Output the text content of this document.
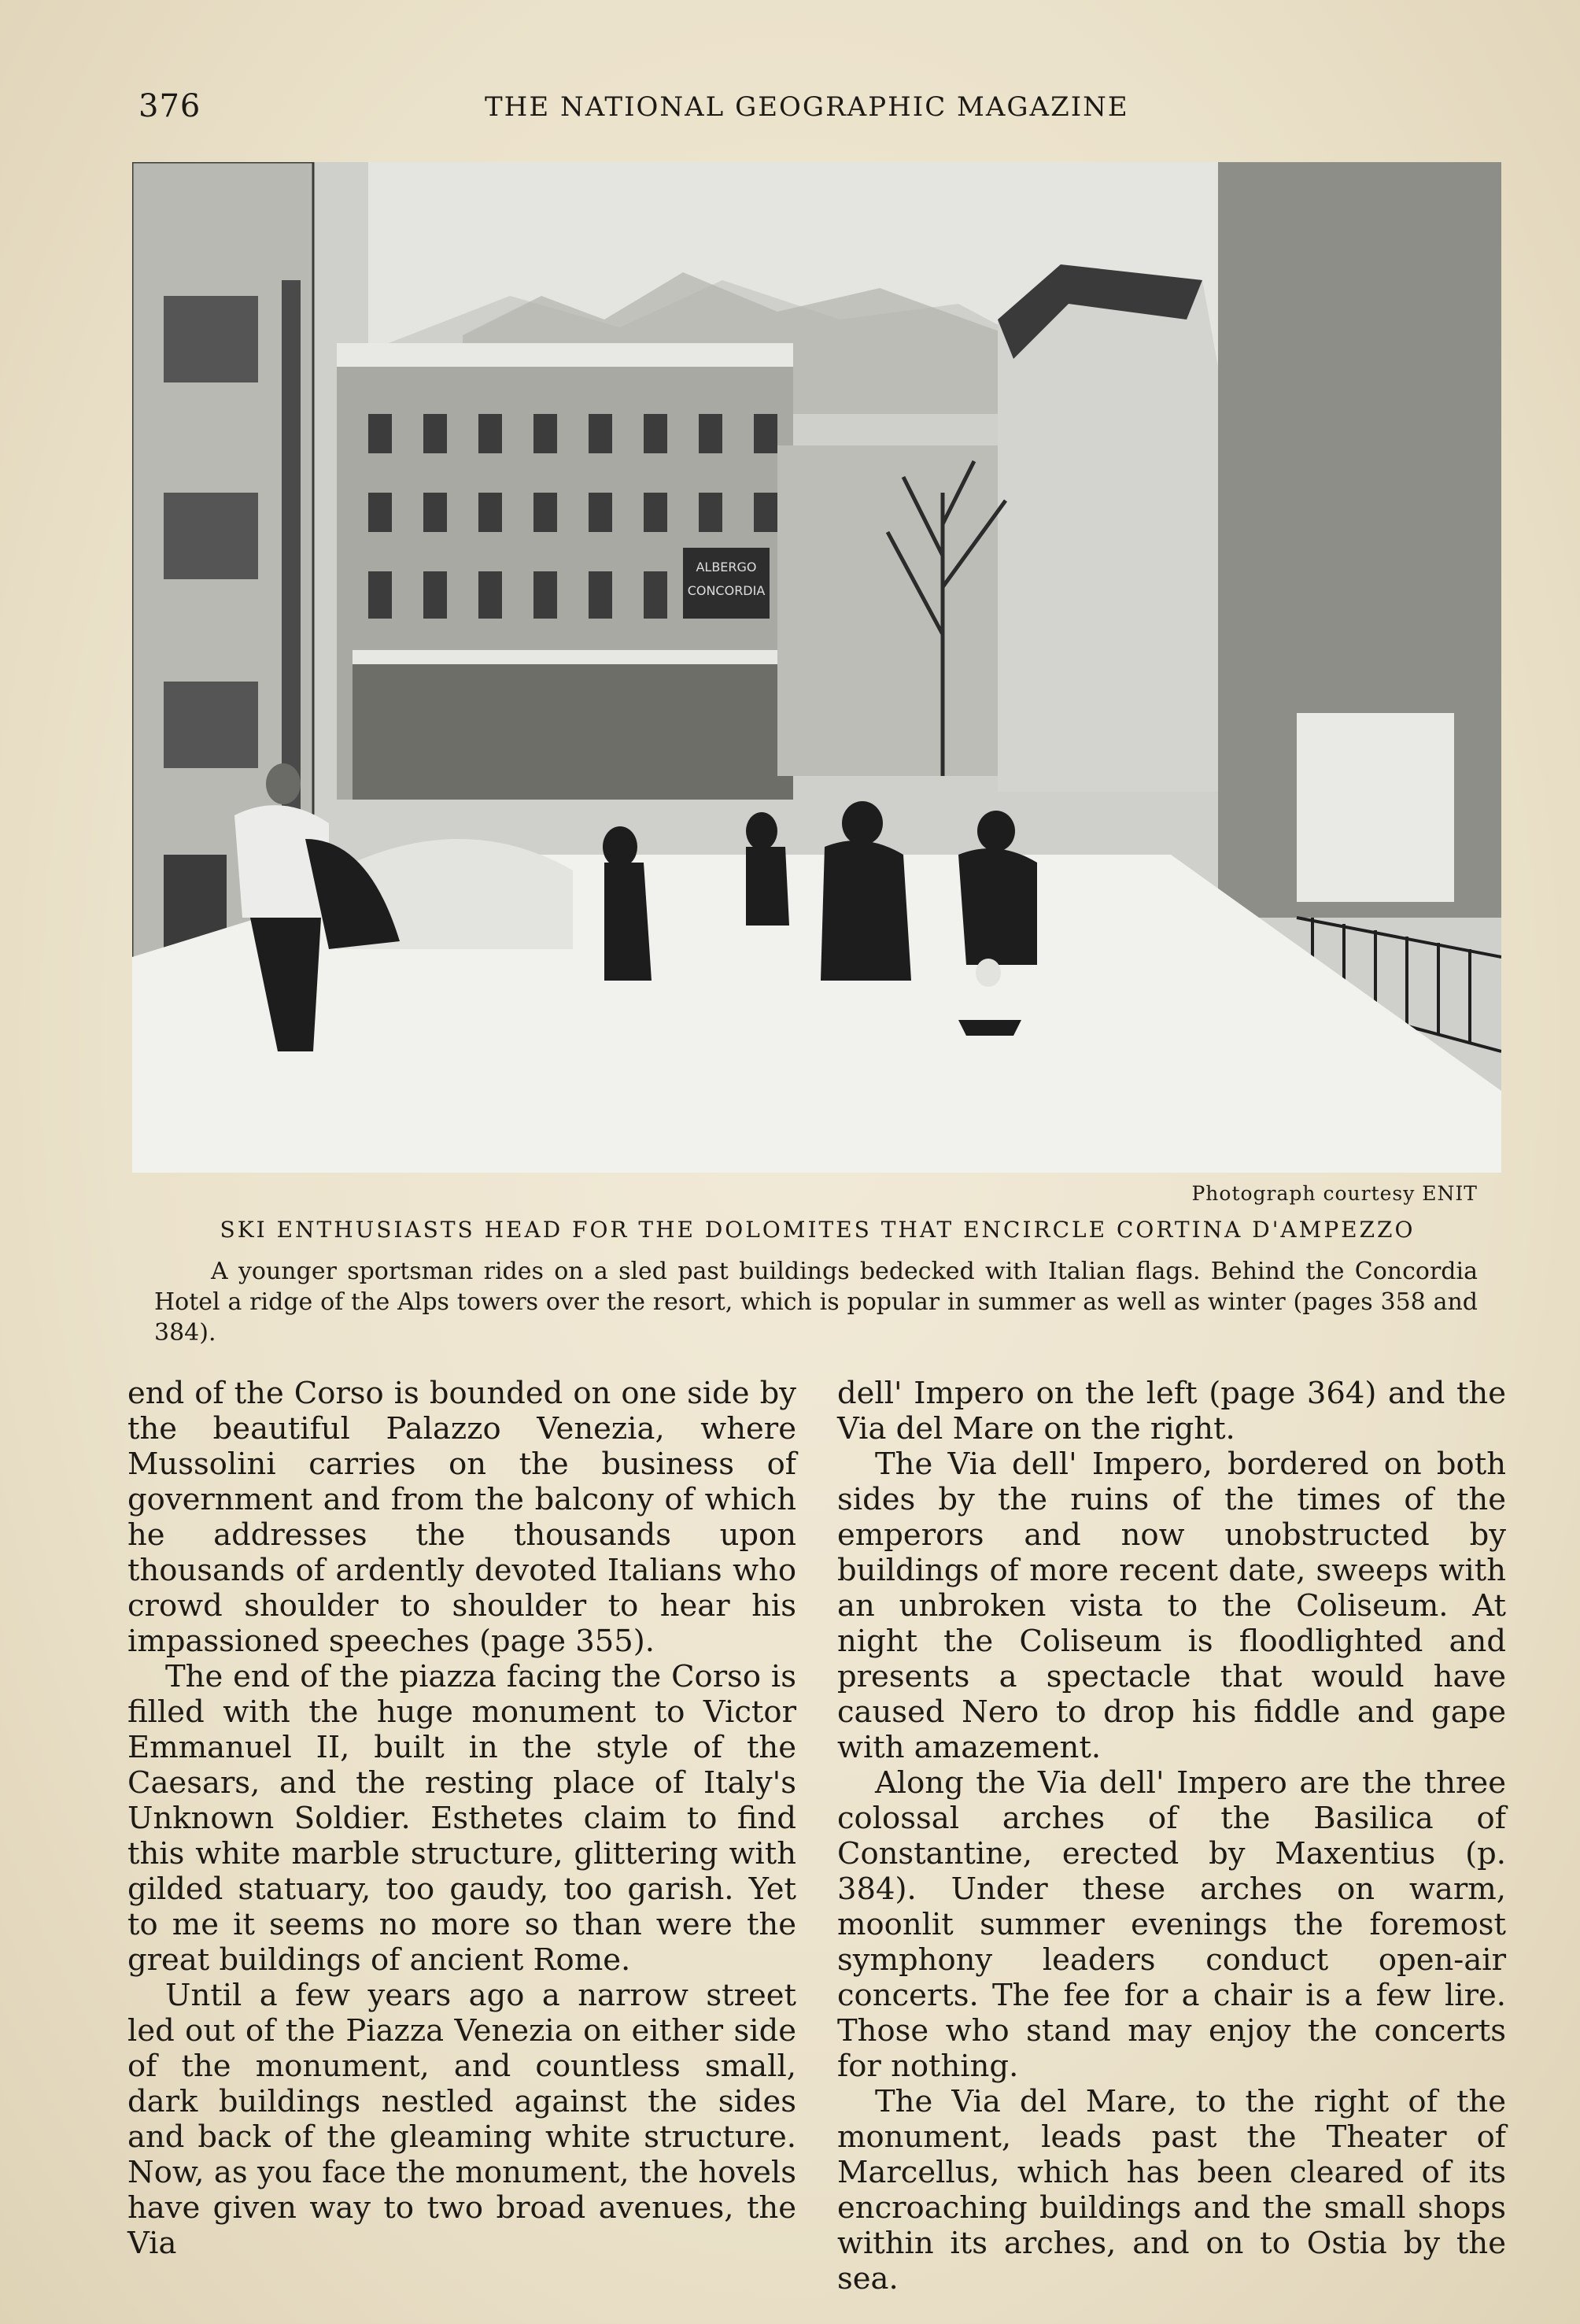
376	THE NATIONAL GEOGRAPHIC MAGAZINE
ALBERGO
CONCORDIA
Photograph courtesy ENIT
SKI ENTHUSIASTS HEAD FOR THE DOLOMITES THAT ENCIRCLE CORTINA D'AMPEZZO
A younger sportsman rides on a sled past buildings bedecked with Italian flags. Behind the Concordia Hotel a ridge of the Alps towers over the resort, which is popular in summer as well as winter (pages 358 and 384).

end of the Corso is bounded on one side by the beautiful Palazzo Venezia, where Mussolini carries on the business of government and from the balcony of which he addresses the thousands upon thousands of ardently devoted Italians who crowd shoulder to shoulder to hear his impassioned speeches (page 355).

The end of the piazza facing the Corso is filled with the huge monument to Victor Emmanuel II, built in the style of the Caesars, and the resting place of Italy's Unknown Soldier. Esthetes claim to find this white marble structure, glittering with gilded statuary, too gaudy, too garish. Yet to me it seems no more so than were the great buildings of ancient Rome.

Until a few years ago a narrow street led out of the Piazza Venezia on either side of the monument, and countless small, dark buildings nestled against the sides and back of the gleaming white structure. Now, as you face the monument, the hovels have given way to two broad avenues, the Via

dell' Impero on the left (page 364) and the Via del Mare on the right.

The Via dell' Impero, bordered on both sides by the ruins of the times of the emperors and now unobstructed by buildings of more recent date, sweeps with an unbroken vista to the Coliseum. At night the Coliseum is floodlighted and presents a spectacle that would have caused Nero to drop his fiddle and gape with amazement.

Along the Via dell' Impero are the three colossal arches of the Basilica of Constantine, erected by Maxentius (p. 384). Under these arches on warm, moonlit summer evenings the foremost symphony leaders conduct open-air concerts. The fee for a chair is a few lire. Those who stand may enjoy the concerts for nothing.

The Via del Mare, to the right of the monument, leads past the Theater of Marcellus, which has been cleared of its encroaching buildings and the small shops within its arches, and on to Ostia by the sea.
